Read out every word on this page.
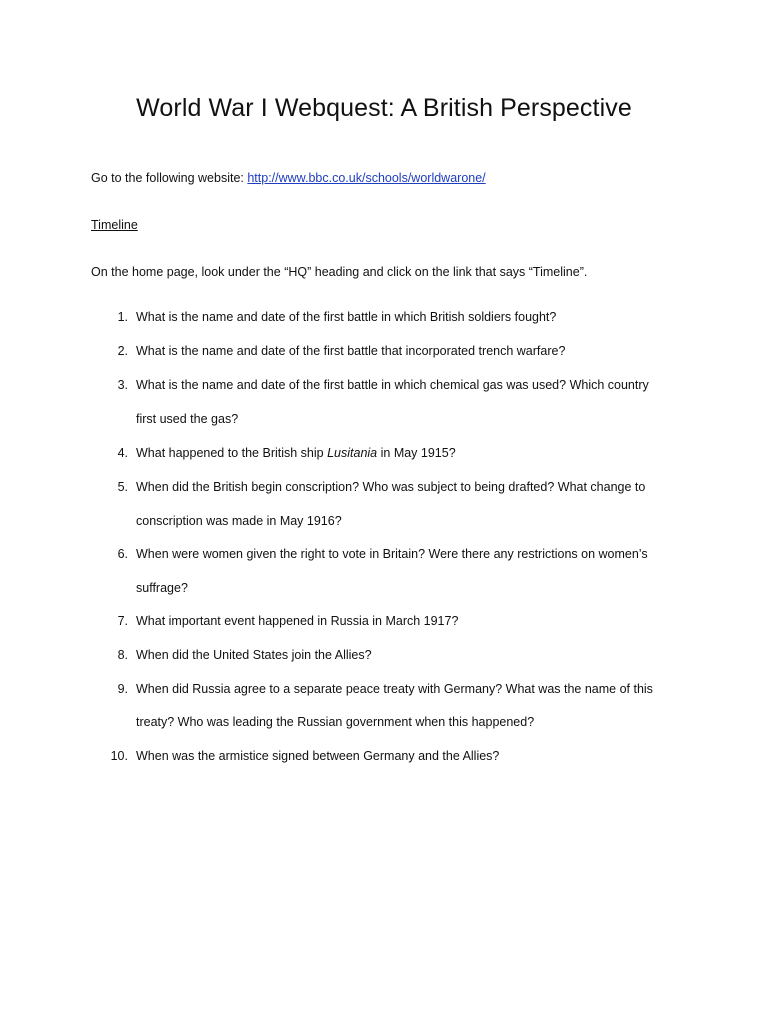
World War I Webquest: A British Perspective
Go to the following website: http://www.bbc.co.uk/schools/worldwarone/
Timeline
On the home page, look under the “HQ” heading and click on the link that says “Timeline”.
1. What is the name and date of the first battle in which British soldiers fought?
2. What is the name and date of the first battle that incorporated trench warfare?
3. What is the name and date of the first battle in which chemical gas was used? Which country
first used the gas?
4. What happened to the British ship Lusitania in May 1915?
5. When did the British begin conscription? Who was subject to being drafted? What change to
conscription was made in May 1916?
6. When were women given the right to vote in Britain? Were there any restrictions on women’s
suffrage?
7. What important event happened in Russia in March 1917?
8. When did the United States join the Allies?
9. When did Russia agree to a separate peace treaty with Germany? What was the name of this
treaty? Who was leading the Russian government when this happened?
10. When was the armistice signed between Germany and the Allies?
